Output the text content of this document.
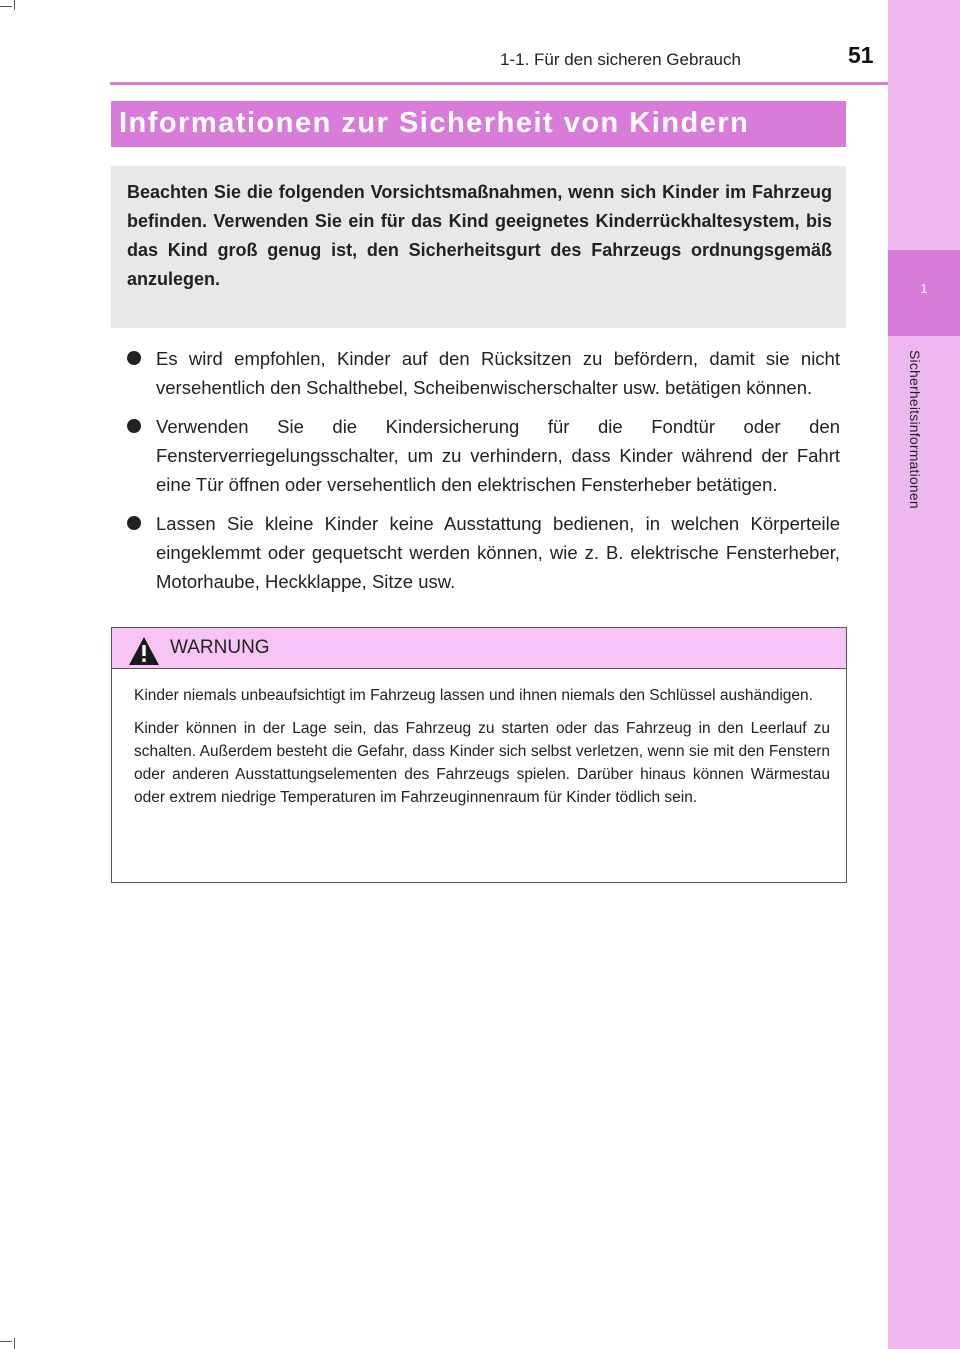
1
Sicherheitsinformationen
1-1. Für den sicheren Gebrauch	51
Informationen zur Sicherheit von Kindern

Beachten Sie die folgenden Vorsichtsmaßnahmen, wenn sich Kinder im Fahrzeug befinden. Verwenden Sie ein für das Kind geeignetes Kinderrückhaltesystem, bis das Kind groß genug ist, den Sicherheitsgurt des Fahrzeugs ordnungsgemäß anzulegen.

Es wird empfohlen, Kinder auf den Rücksitzen zu befördern, damit sie nicht versehentlich den Schalthebel, Scheibenwischerschalter usw. betätigen können.
Verwenden Sie die Kindersicherung für die Fondtür oder den Fensterverriegelungsschalter, um zu verhindern, dass Kinder während der Fahrt eine Tür öffnen oder versehentlich den elektrischen Fensterheber betätigen.
Lassen Sie kleine Kinder keine Ausstattung bedienen, in welchen Körperteile eingeklemmt oder gequetscht werden können, wie z. B. elektrische Fensterheber, Motorhaube, Heckklappe, Sitze usw.
WARNUNG

Kinder niemals unbeaufsichtigt im Fahrzeug lassen und ihnen niemals den Schlüssel aushändigen.

Kinder können in der Lage sein, das Fahrzeug zu starten oder das Fahrzeug in den Leerlauf zu schalten. Außerdem besteht die Gefahr, dass Kinder sich selbst verletzen, wenn sie mit den Fenstern oder anderen Ausstattungselementen des Fahrzeugs spielen. Darüber hinaus können Wärmestau oder extrem niedrige Temperaturen im Fahrzeuginnenraum für Kinder tödlich sein.
